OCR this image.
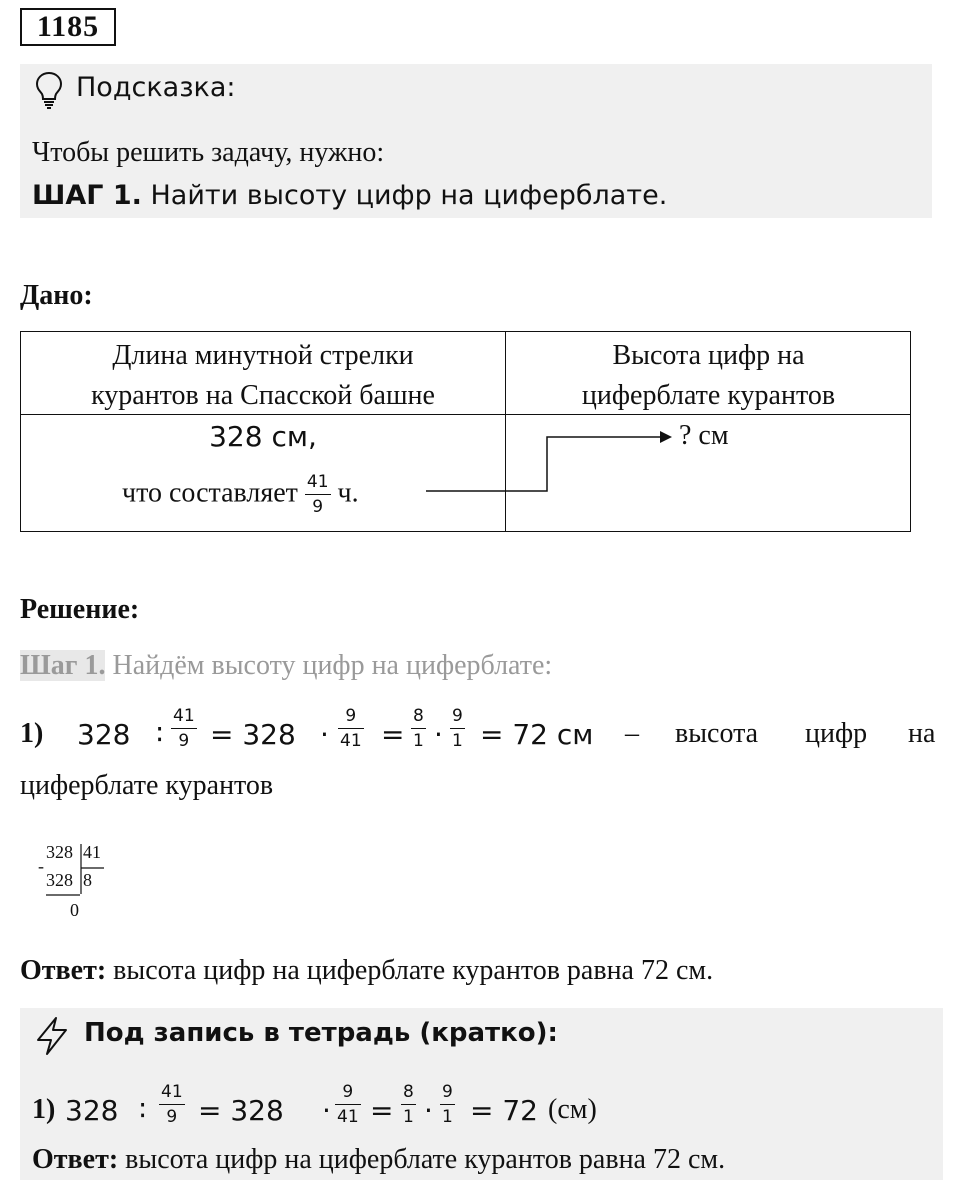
1185
Подсказка:
Чтобы решить задачу, нужно:
ШАГ 1. Найти высоту цифр на циферблате.
Дано:
Длина минутной стрелки
курантов на Спасской башне
Высота цифр на
циферблате курантов
328 см,
что составляет $\frac{41}{9} ч$.
? см
Решение:
Шаг 1. Найдём высоту цифр на циферблате:
1) 328 ∶ $\frac{41}{9} = 328 \cdot \frac{9}{41} = \frac{8}{1} \cdot \frac{9}{1} = 72$ см – высота цифр на
циферблате курантов
328 41
-
328 8
0
Ответ: высота цифр на циферблате курантов равна 72 см.
Под запись в тетрадь (кратко):
1) 328 ∶ $\frac{41}{9} = 328 \cdot \frac{9}{41} = \frac{8}{1} \cdot \frac{9}{1} = 72$ (см)
Ответ: высота цифр на циферблате курантов равна 72 см.
